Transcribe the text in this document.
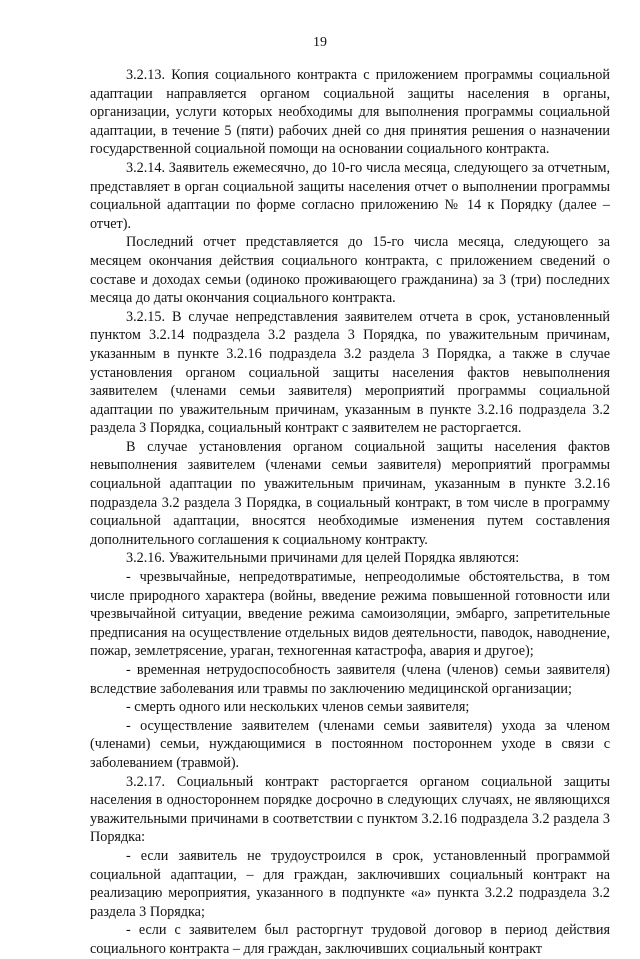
19

3.2.13. Копия социального контракта с приложением программы социальной адаптации направляется органом социальной защиты населения в органы, организации, услуги которых необходимы для выполнения программы социальной адаптации, в течение 5 (пяти) рабочих дней со дня принятия решения о назначении государственной социальной помощи на основании социального контракта.

3.2.14. Заявитель ежемесячно, до 10-го числа месяца, следующего за отчетным, представляет в орган социальной защиты населения отчет о выполнении программы социальной адаптации по форме согласно приложению № 14 к Порядку (далее – отчет).

Последний отчет представляется до 15-го числа месяца, следующего за месяцем окончания действия социального контракта, с приложением сведений о составе и доходах семьи (одиноко проживающего гражданина) за 3 (три) последних месяца до даты окончания социального контракта.

3.2.15. В случае непредставления заявителем отчета в срок, установленный пунктом 3.2.14 подраздела 3.2 раздела 3 Порядка, по уважительным причинам, указанным в пункте 3.2.16 подраздела 3.2 раздела 3 Порядка, а также в случае установления органом социальной защиты населения фактов невыполнения заявителем (членами семьи заявителя) мероприятий программы социальной адаптации по уважительным причинам, указанным в пункте 3.2.16 подраздела 3.2 раздела 3 Порядка, социальный контракт с заявителем не расторгается.

В случае установления органом социальной защиты населения фактов невыполнения заявителем (членами семьи заявителя) мероприятий программы социальной адаптации по уважительным причинам, указанным в пункте 3.2.16 подраздела 3.2 раздела 3 Порядка, в социальный контракт, в том числе в программу социальной адаптации, вносятся необходимые изменения путем составления дополнительного соглашения к социальному контракту.

3.2.16. Уважительными причинами для целей Порядка являются:

- чрезвычайные, непредотвратимые, непреодолимые обстоятельства, в том числе природного характера (войны, введение режима повышенной готовности или чрезвычайной ситуации, введение режима самоизоляции, эмбарго, запретительные предписания на осуществление отдельных видов деятельности, паводок, наводнение, пожар, землетрясение, ураган, техногенная катастрофа, авария и другое);

- временная нетрудоспособность заявителя (члена (членов) семьи заявителя) вследствие заболевания или травмы по заключению медицинской организации;

- смерть одного или нескольких членов семьи заявителя;

- осуществление заявителем (членами семьи заявителя) ухода за членом (членами) семьи, нуждающимися в постоянном постороннем уходе в связи с заболеванием (травмой).

3.2.17. Социальный контракт расторгается органом социальной защиты населения в одностороннем порядке досрочно в следующих случаях, не являющихся уважительными причинами в соответствии с пунктом 3.2.16 подраздела 3.2 раздела 3 Порядка:

- если заявитель не трудоустроился в срок, установленный программой социальной адаптации, – для граждан, заключивших социальный контракт на реализацию мероприятия, указанного в подпункте «а» пункта 3.2.2 подраздела 3.2 раздела 3 Порядка;

- если с заявителем был расторгнут трудовой договор в период действия социального контракта – для граждан, заключивших социальный контракт
